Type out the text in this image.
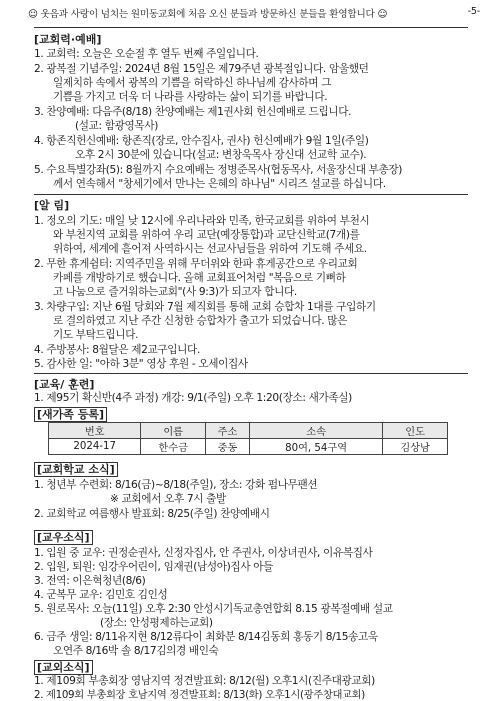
☺ 웃음과 사랑이 넘치는 원미동교회에 처음 오신 분들과 방문하신 분들을 환영합니다 ☺	-5-
[교회력·예배]
1. 교회력: 오늘은 오순절 후 열두 번째 주일입니다.
2. 광복절 기념주일: 2024년 8월 15일은 제79주년 광복절입니다. 암울했던
일제치하 속에서 광복의 기쁨을 허락하신 하나님께 감사하며 그
기쁨을 가지고 더욱 더 나라를 사랑하는 삶이 되기를 바랍니다.
3. 찬양예배: 다음주(8/18) 찬양예배는 제1권사회 헌신예배로 드립니다.
(설교: 함광영목사)
4. 항존직헌신예배: 항존직(장로, 안수집사, 권사) 헌신예배가 9월 1일(주일)
오후 2시 30분에 있습니다(설교: 변창욱목사 장신대 선교학 교수).
5. 수요특별강좌(5): 8월까지 수요예배는 정병준목사(협동목사, 서울장신대 부총장)
께서 연속해서 "창세기에서 만나는 은혜의 하나님" 시리즈 설교를 하십니다.
[알 림]
1. 정오의 기도: 매일 낮 12시에 우리나라와 민족, 한국교회를 위하여 부천시
와 부천지역 교회를 위하여 우리 교단(예장통합)과 교단신학교(7개)를
위하여, 세계에 흩어져 사역하시는 선교사님들을 위하여 기도해 주세요.
2. 무한 휴게쉼터: 지역주민을 위해 무더위와 한파 휴게공간으로 우리교회
카페를 개방하기로 했습니다. 올해 교회표어처럼 "복음으로 기뻐하
고 나눔으로 즐거워하는교회"(사 9:3)가 되고자 합니다.
3. 차량구입: 지난 6월 당회와 7월 제직회를 통해 교회 승합차 1대를 구입하기
로 결의하였고 지난 주간 신청한 승합차가 출고가 되었습니다. 많은
기도 부탁드립니다.
4. 주방봉사: 8월달은 제2교구입니다.
5. 감사한 일: "아하 3분" 영상 후원 - 오세이집사
[교육/ 훈련]
1. 제95기 확신반(4주 과정) 개강: 9/1(주일) 오후 1:20(장소: 새가족실)
[새가족 등록]
번호	이름	주소	소속	인도
2024-17	한수금	중동	80여, 54구역	김상남
[교회학교 소식]
1. 청년부 수련회: 8/16(금)~8/18(주일), 장소: 강화 펌나무팬션
※ 교회에서 오후 7시 출발
2. 교회학교 여름행사 발표회: 8/25(주일) 찬양예배시
[교우소식]
1. 입원 중 교우: 권정순권사, 신정자집사, 안 주권사, 이상녀권사, 이유복집사
2. 입원, 퇴원: 임강우어린이, 임재권(남성아)집사 아들
3. 전역: 이은혁청년(8/6)
4. 군복무 교우: 김민호 김인성
5. 원로목사: 오늘(11일) 오후 2:30 안성시기독교총연합회 8.15 광복절예배 설교
(장소: 안성평제하는교회)
6. 금주 생일: 8/11유지현 8/12류다이 최화분 8/14김동희 홍동기 8/15송고욱
오연주 8/16박 솔 8/17김의경 배인숙
[교외소식]
1. 제109회 부총회장 영남지역 정견발표회: 8/12(월) 오후1시(진주대광교회)
2. 제109회 부총회장 호남지역 정견발표회: 8/13(화) 오후1시(광주창대교회)
